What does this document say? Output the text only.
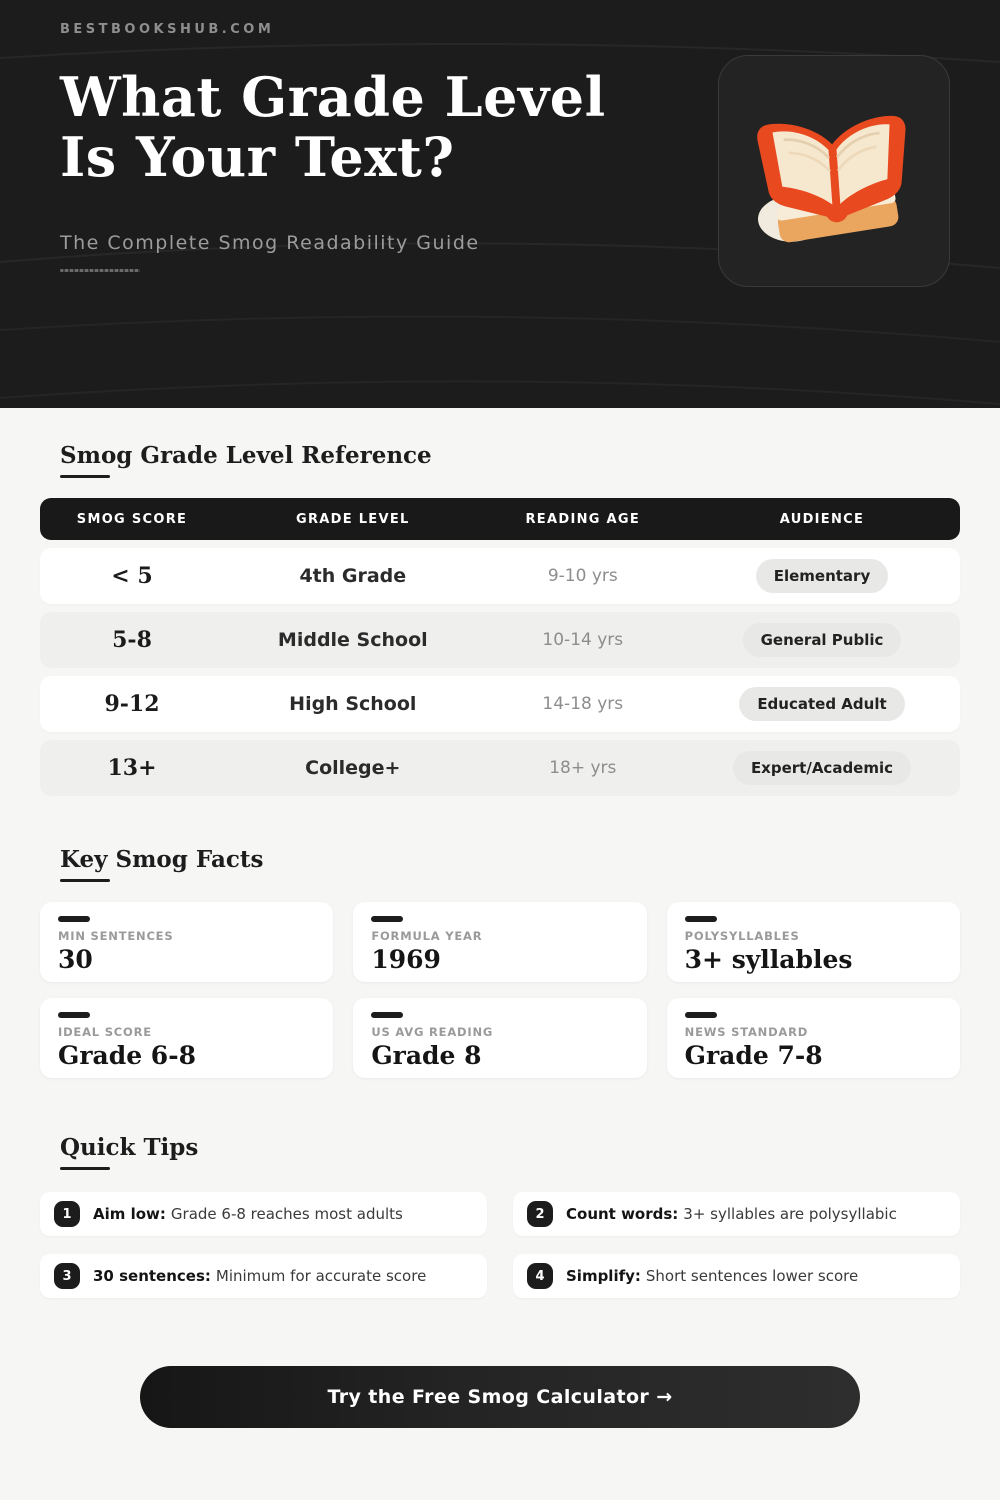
BESTBOOKSHUB.COM
What Grade Level
Is Your Text?
The Complete Smog Readability Guide
Smog Grade Level Reference
SMOG SCORE	GRADE LEVEL	READING AGE	AUDIENCE
< 5	4th Grade	9-10 yrs	Elementary
5-8	Middle School	10-14 yrs	General Public
9-12	High School	14-18 yrs	Educated Adult
13+	College+	18+ yrs	Expert/Academic
Key Smog Facts
MIN SENTENCES
30
FORMULA YEAR
1969
POLYSYLLABLES
3+ syllables
IDEAL SCORE
Grade 6-8
US AVG READING
Grade 8
NEWS STANDARD
Grade 7-8
Quick Tips
1	Aim low: Grade 6-8 reaches most adults	2	Count words: 3+ syllables are polysyllabic
3	30 sentences: Minimum for accurate score	4	Simplify: Short sentences lower score
Try the Free Smog Calculator →
